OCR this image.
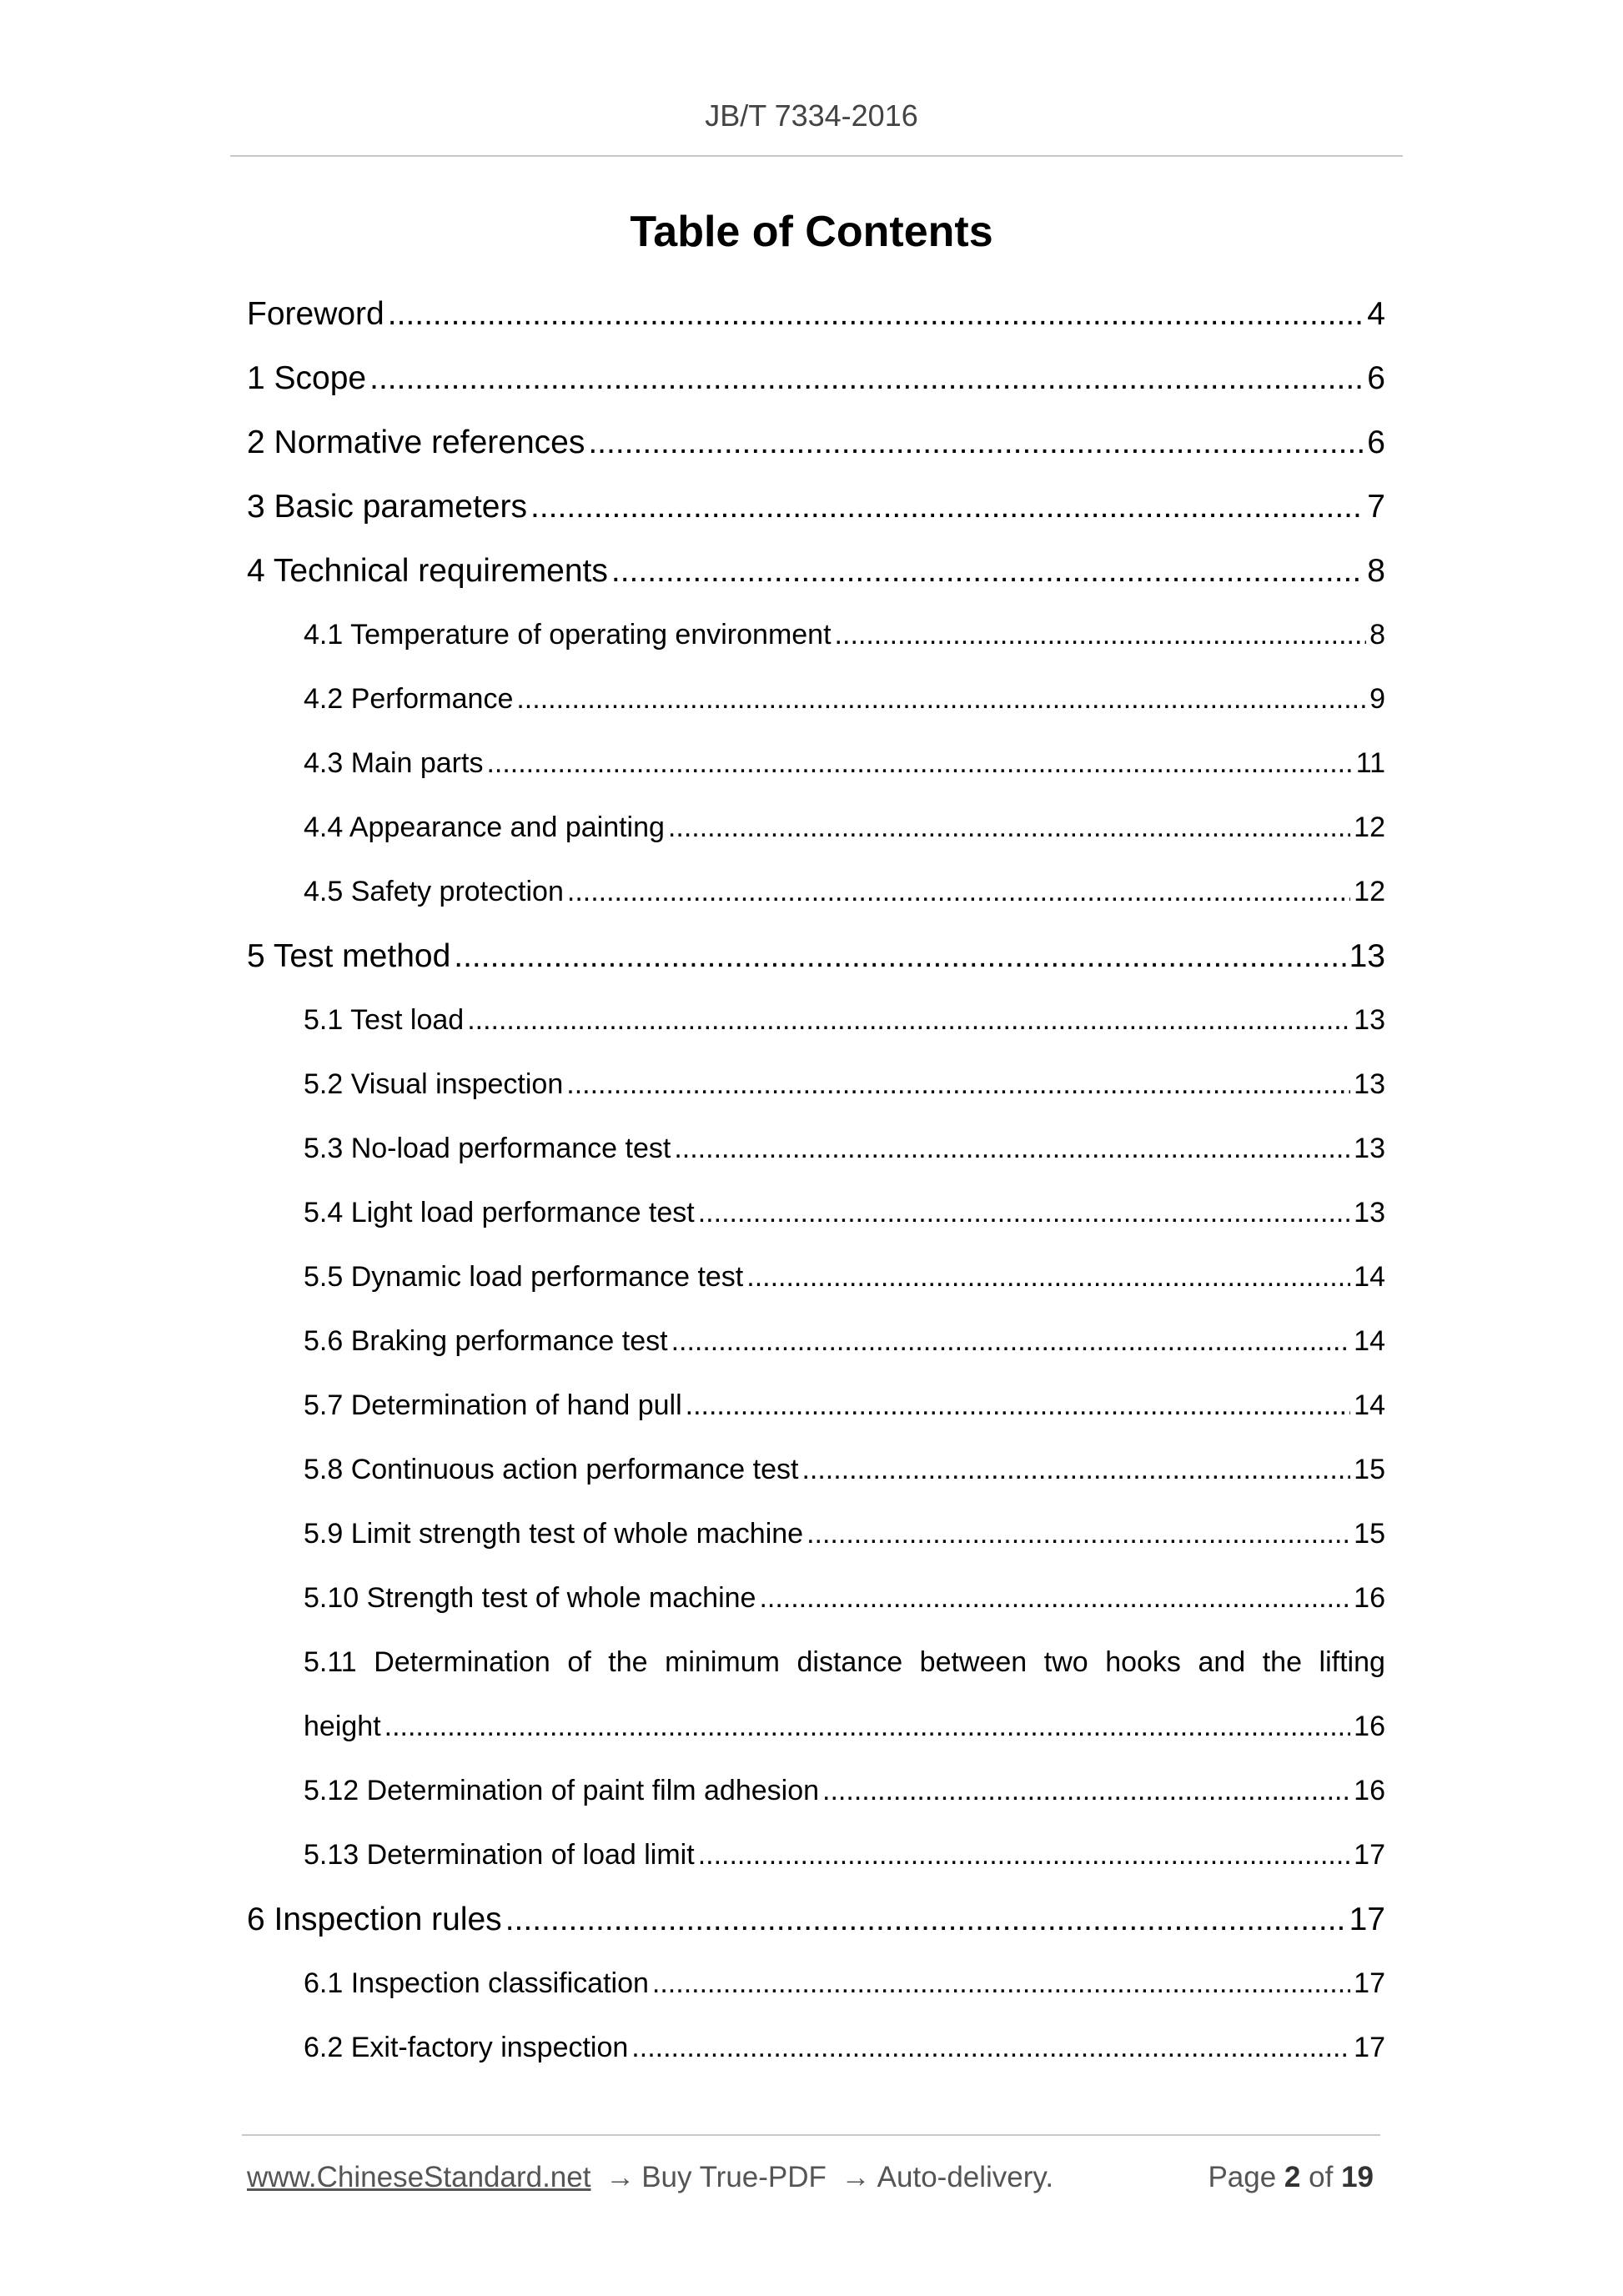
JB/T 7334-2016
Table of Contents
Foreword .....	4
1 Scope .....	6
2 Normative references .....	6
3 Basic parameters .....	7
4 Technical requirements .....	8
4.1 Temperature of operating environment .....	8
4.2 Performance .....	9
4.3 Main parts .....	11
4.4 Appearance and painting .....	12
4.5 Safety protection .....	12
5 Test method .....	13
5.1 Test load .....	13
5.2 Visual inspection .....	13
5.3 No-load performance test .....	13
5.4 Light load performance test .....	13
5.5 Dynamic load performance test .....	14
5.6 Braking performance test .....	14
5.7 Determination of hand pull .....	14
5.8 Continuous action performance test .....	15
5.9 Limit strength test of whole machine .....	15
5.10 Strength test of whole machine .....	16
5.11 Determination of the minimum distance between two hooks and the lifting
height .....	16
5.12 Determination of paint film adhesion .....	16
5.13 Determination of load limit .....	17
6 Inspection rules .....	17
6.1 Inspection classification .....	17
6.2 Exit-factory inspection .....	17
www.ChineseStandard.net → Buy True-PDF → Auto-delivery.	Page 2 of 19
